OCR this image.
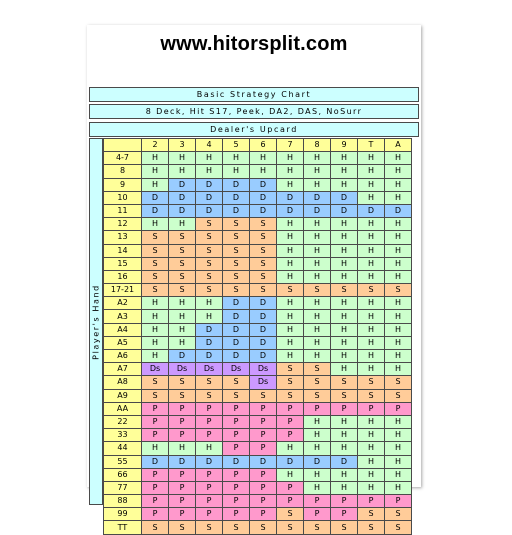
www.hitorsplit.com
Basic Strategy Chart
8 Deck, Hit S17, Peek, DA2, DAS, NoSurr
Dealer's Upcard
Player's Hand
	2	3	4	5	6	7	8	9	T	A
4-7	H	H	H	H	H	H	H	H	H	H
8	H	H	H	H	H	H	H	H	H	H
9	H	D	D	D	D	H	H	H	H	H
10	D	D	D	D	D	D	D	D	H	H
11	D	D	D	D	D	D	D	D	D	D
12	H	H	S	S	S	H	H	H	H	H
13	S	S	S	S	S	H	H	H	H	H
14	S	S	S	S	S	H	H	H	H	H
15	S	S	S	S	S	H	H	H	H	H
16	S	S	S	S	S	H	H	H	H	H
17-21	S	S	S	S	S	S	S	S	S	S
A2	H	H	H	D	D	H	H	H	H	H
A3	H	H	H	D	D	H	H	H	H	H
A4	H	H	D	D	D	H	H	H	H	H
A5	H	H	D	D	D	H	H	H	H	H
A6	H	D	D	D	D	H	H	H	H	H
A7	Ds	Ds	Ds	Ds	Ds	S	S	H	H	H
A8	S	S	S	S	Ds	S	S	S	S	S
A9	S	S	S	S	S	S	S	S	S	S
AA	P	P	P	P	P	P	P	P	P	P
22	P	P	P	P	P	P	H	H	H	H
33	P	P	P	P	P	P	H	H	H	H
44	H	H	H	P	P	H	H	H	H	H
55	D	D	D	D	D	D	D	D	H	H
66	P	P	P	P	P	H	H	H	H	H
77	P	P	P	P	P	P	H	H	H	H
88	P	P	P	P	P	P	P	P	P	P
99	P	P	P	P	P	S	P	P	S	S
TT	S	S	S	S	S	S	S	S	S	S
